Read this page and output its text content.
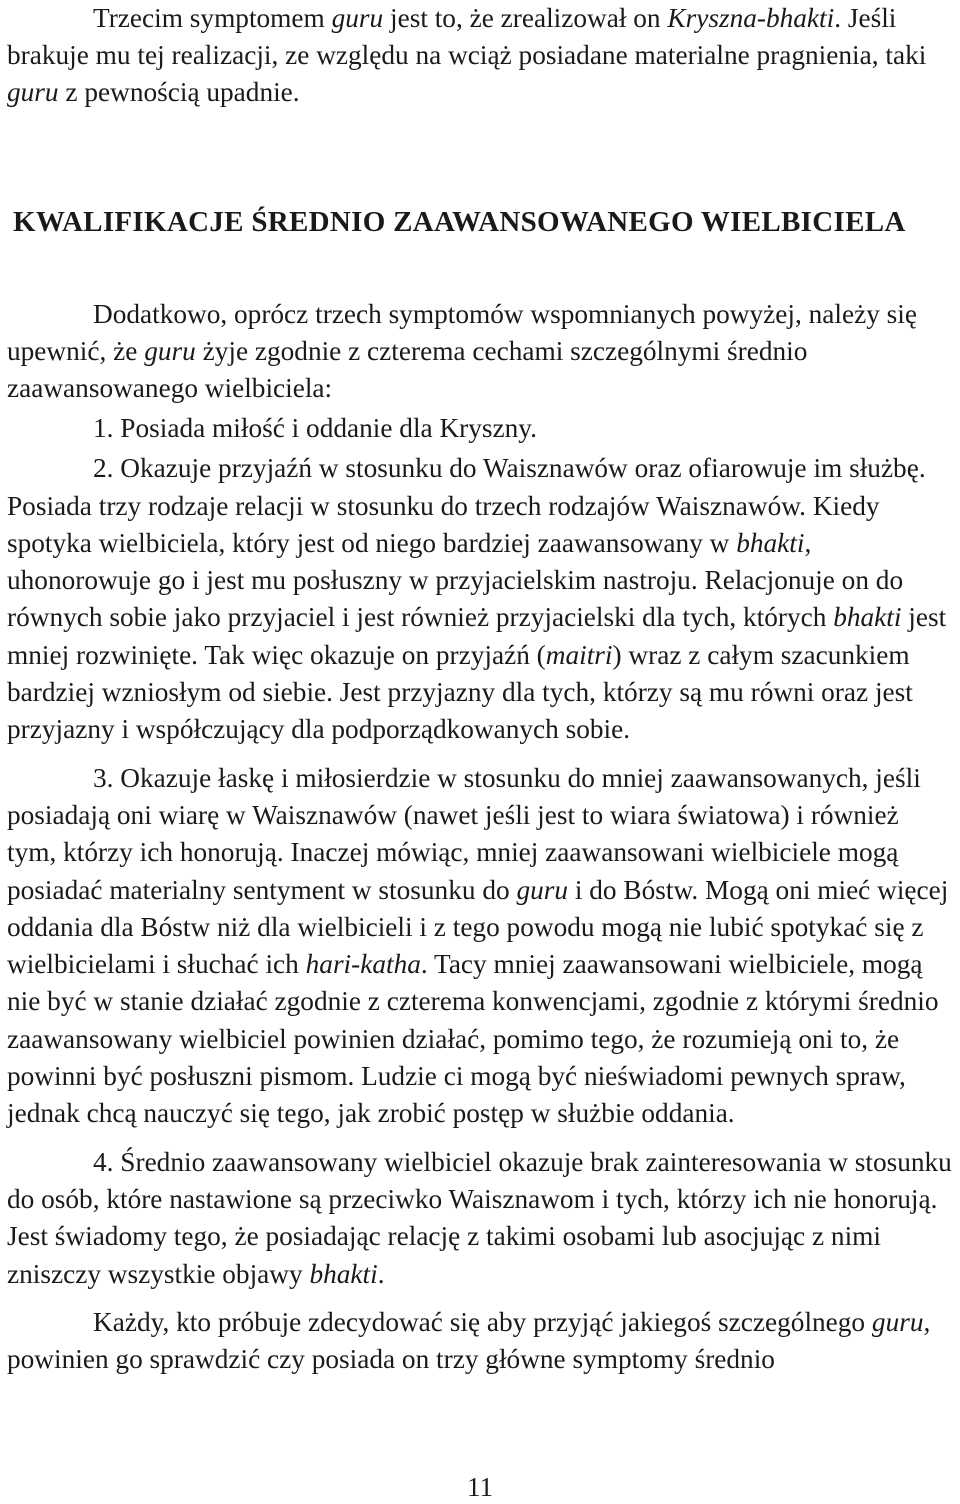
Trzecim symptomem guru jest to, że zrealizował on Kryszna-bhakti. Jeśli brakuje mu tej realizacji, ze względu na wciąż posiadane materialne pragnienia, taki guru z pewnością upadnie.

KWALIFIKACJE ŚREDNIO ZAAWANSOWANEGO WIELBICIELA

Dodatkowo, oprócz trzech symptomów wspomnianych powyżej, należy się upewnić, że guru żyje zgodnie z czterema cechami szczególnymi średnio zaawansowanego wielbiciela:

1. Posiada miłość i oddanie dla Kryszny.

2. Okazuje przyjaźń w stosunku do Waisznawów oraz ofiarowuje im służbę. Posiada trzy rodzaje relacji w stosunku do trzech rodzajów Waisznawów. Kiedy spotyka wielbiciela, który jest od niego bardziej zaawansowany w bhakti, uhonorowuje go i jest mu posłuszny w przyjacielskim nastroju. Relacjonuje on do równych sobie jako przyjaciel i jest również przyjacielski dla tych, których bhakti jest mniej rozwinięte. Tak więc okazuje on przyjaźń (maitri) wraz z całym szacunkiem bardziej wzniosłym od siebie. Jest przyjazny dla tych, którzy są mu równi oraz jest przyjazny i współczujący dla podporządkowanych sobie.

3. Okazuje łaskę i miłosierdzie w stosunku do mniej zaawansowanych, jeśli posiadają oni wiarę w Waisznawów (nawet jeśli jest to wiara światowa) i również tym, którzy ich honorują. Inaczej mówiąc, mniej zaawansowani wielbiciele mogą posiadać materialny sentyment w stosunku do guru i do Bóstw. Mogą oni mieć więcej oddania dla Bóstw niż dla wielbicieli i z tego powodu mogą nie lubić spotykać się z wielbicielami i słuchać ich hari-katha. Tacy mniej zaawansowani wielbiciele, mogą nie być w stanie działać zgodnie z czterema konwencjami, zgodnie z którymi średnio zaawansowany wielbiciel powinien działać, pomimo tego, że rozumieją oni to, że powinni być posłuszni pismom. Ludzie ci mogą być nieświadomi pewnych spraw, jednak chcą nauczyć się tego, jak zrobić postęp w służbie oddania.

4. Średnio zaawansowany wielbiciel okazuje brak zainteresowania w stosunku do osób, które nastawione są przeciwko Waisznawom i tych, którzy ich nie honorują. Jest świadomy tego, że posiadając relację z takimi osobami lub asocjując z nimi zniszczy wszystkie objawy bhakti.

Każdy, kto próbuje zdecydować się aby przyjąć jakiegoś szczególnego guru, powinien go sprawdzić czy posiada on trzy główne symptomy średnio

11
